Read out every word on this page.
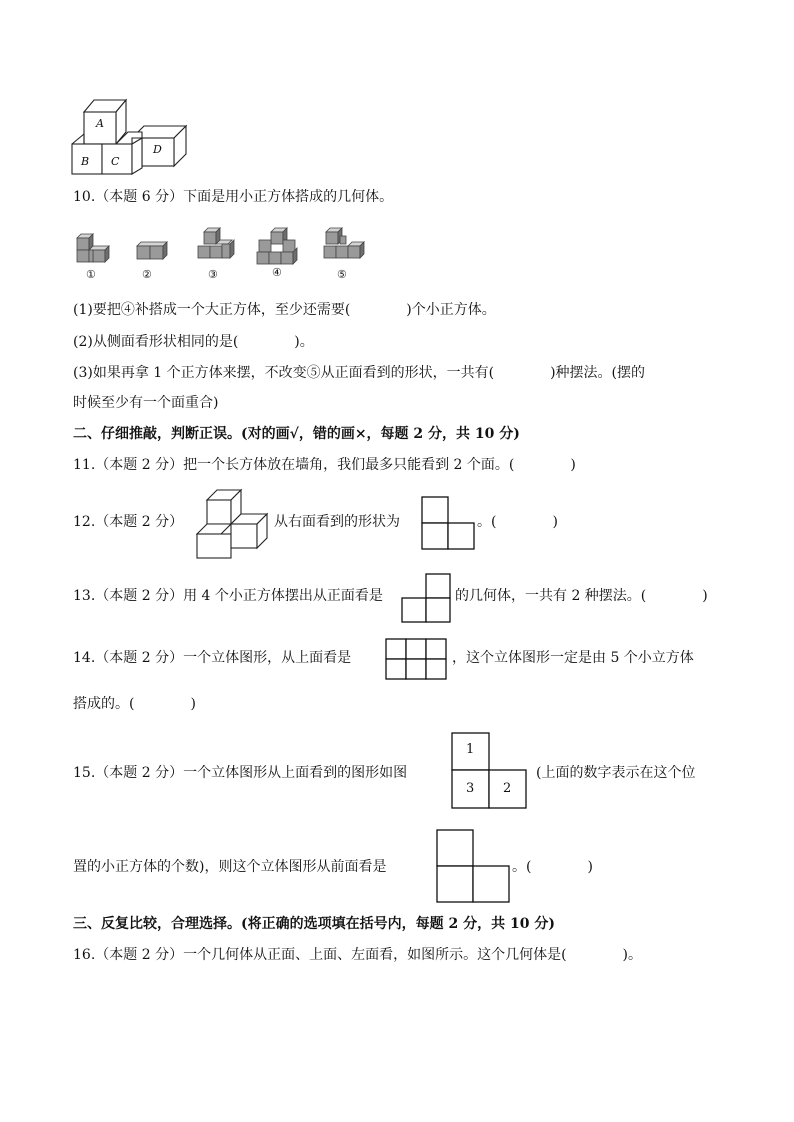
A
B C
D
10.（本题 6 分）下面是用小正方体搭成的几何体。
①	②	③	④	⑤
(1)要把④补搭成一个大正方体，至少还需要(　　　　)个小正方体。
(2)从侧面看形状相同的是(　　　　)。
(3)如果再拿 1 个正方体来摆，不改变⑤从正面看到的形状，一共有(　　　　)种摆法。(摆的
时候至少有一个面重合)
二、仔细推敲，判断正误。(对的画√，错的画×，每题 2 分，共 10 分)
11.（本题 2 分）把一个长方体放在墙角，我们最多只能看到 2 个面。(　　　　)
12.（本题 2 分）	从右面看到的形状为	。(　　　　)
13.（本题 2 分）用 4 个小正方体摆出从正面看是	的几何体，一共有 2 种摆法。(　　　　)
14.（本题 2 分）一个立体图形，从上面看是	，这个立体图形一定是由 5 个小立方体
搭成的。(　　　　)
15.（本题 2 分）一个立体图形从上面看到的图形如图
1
3 2
(上面的数字表示在这个位
置的小正方体的个数)，则这个立体图形从前面看是	。(　　　　)
三、反复比较，合理选择。(将正确的选项填在括号内，每题 2 分，共 10 分)
16.（本题 2 分）一个几何体从正面、上面、左面看，如图所示。这个几何体是(　　　　)。
